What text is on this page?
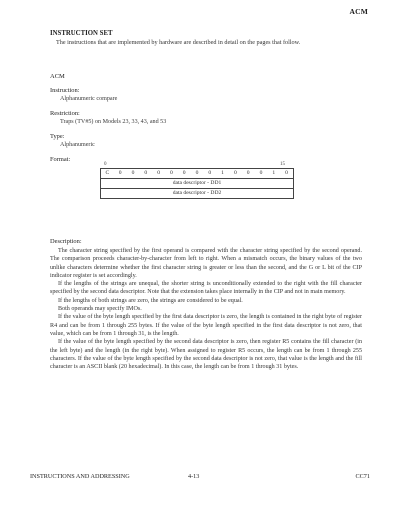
ACM
INSTRUCTION SET
The instructions that are implemented by hardware are described in detail on the pages that follow.
ACM
Instruction:
Alphanumeric compare
Restriction:
Traps (TV#5) on Models 23, 33, 43, and 53
Type:
Alphanumeric
Format:
0	15
C	0	0	0	0	0	0	0	0	1	0	0	0	1	0
data descriptor - DD1
data descriptor - DD2
Description:

The character string specified by the first operand is compared with the character string specified by the second operand. The comparison proceeds character-by-character from left to right. When a mismatch occurs, the binary values of the two unlike characters determine whether the first character string is greater or less than the second, and the G or L bit of the CIP indicator register is set accordingly.

If the lengths of the strings are unequal, the shorter string is unconditionally extended to the right with the fill character specified by the second data descriptor. Note that the extension takes place internally in the CIP and not in main memory.

If the lengths of both strings are zero, the strings are considered to be equal.

Both operands may specify IMOs.

If the value of the byte length specified by the first data descriptor is zero, the length is contained in the right byte of register R4 and can be from 1 through 255 bytes. If the value of the byte length specified in the first data descriptor is not zero, that value, which can be from 1 through 31, is the length.

If the value of the byte length specified by the second data descriptor is zero, then register R5 contains the fill character (in the left byte) and the length (in the right byte). When assigned to register R5 occurs, the length can be from 1 through 255 characters. If the value of the byte length specified by the second data descriptor is not zero, that value is the length and the fill character is an ASCII blank (20 hexadecimal). In this case, the length can be from 1 through 31 bytes.

INSTRUCTIONS AND ADDRESSING	4-13	CC71
